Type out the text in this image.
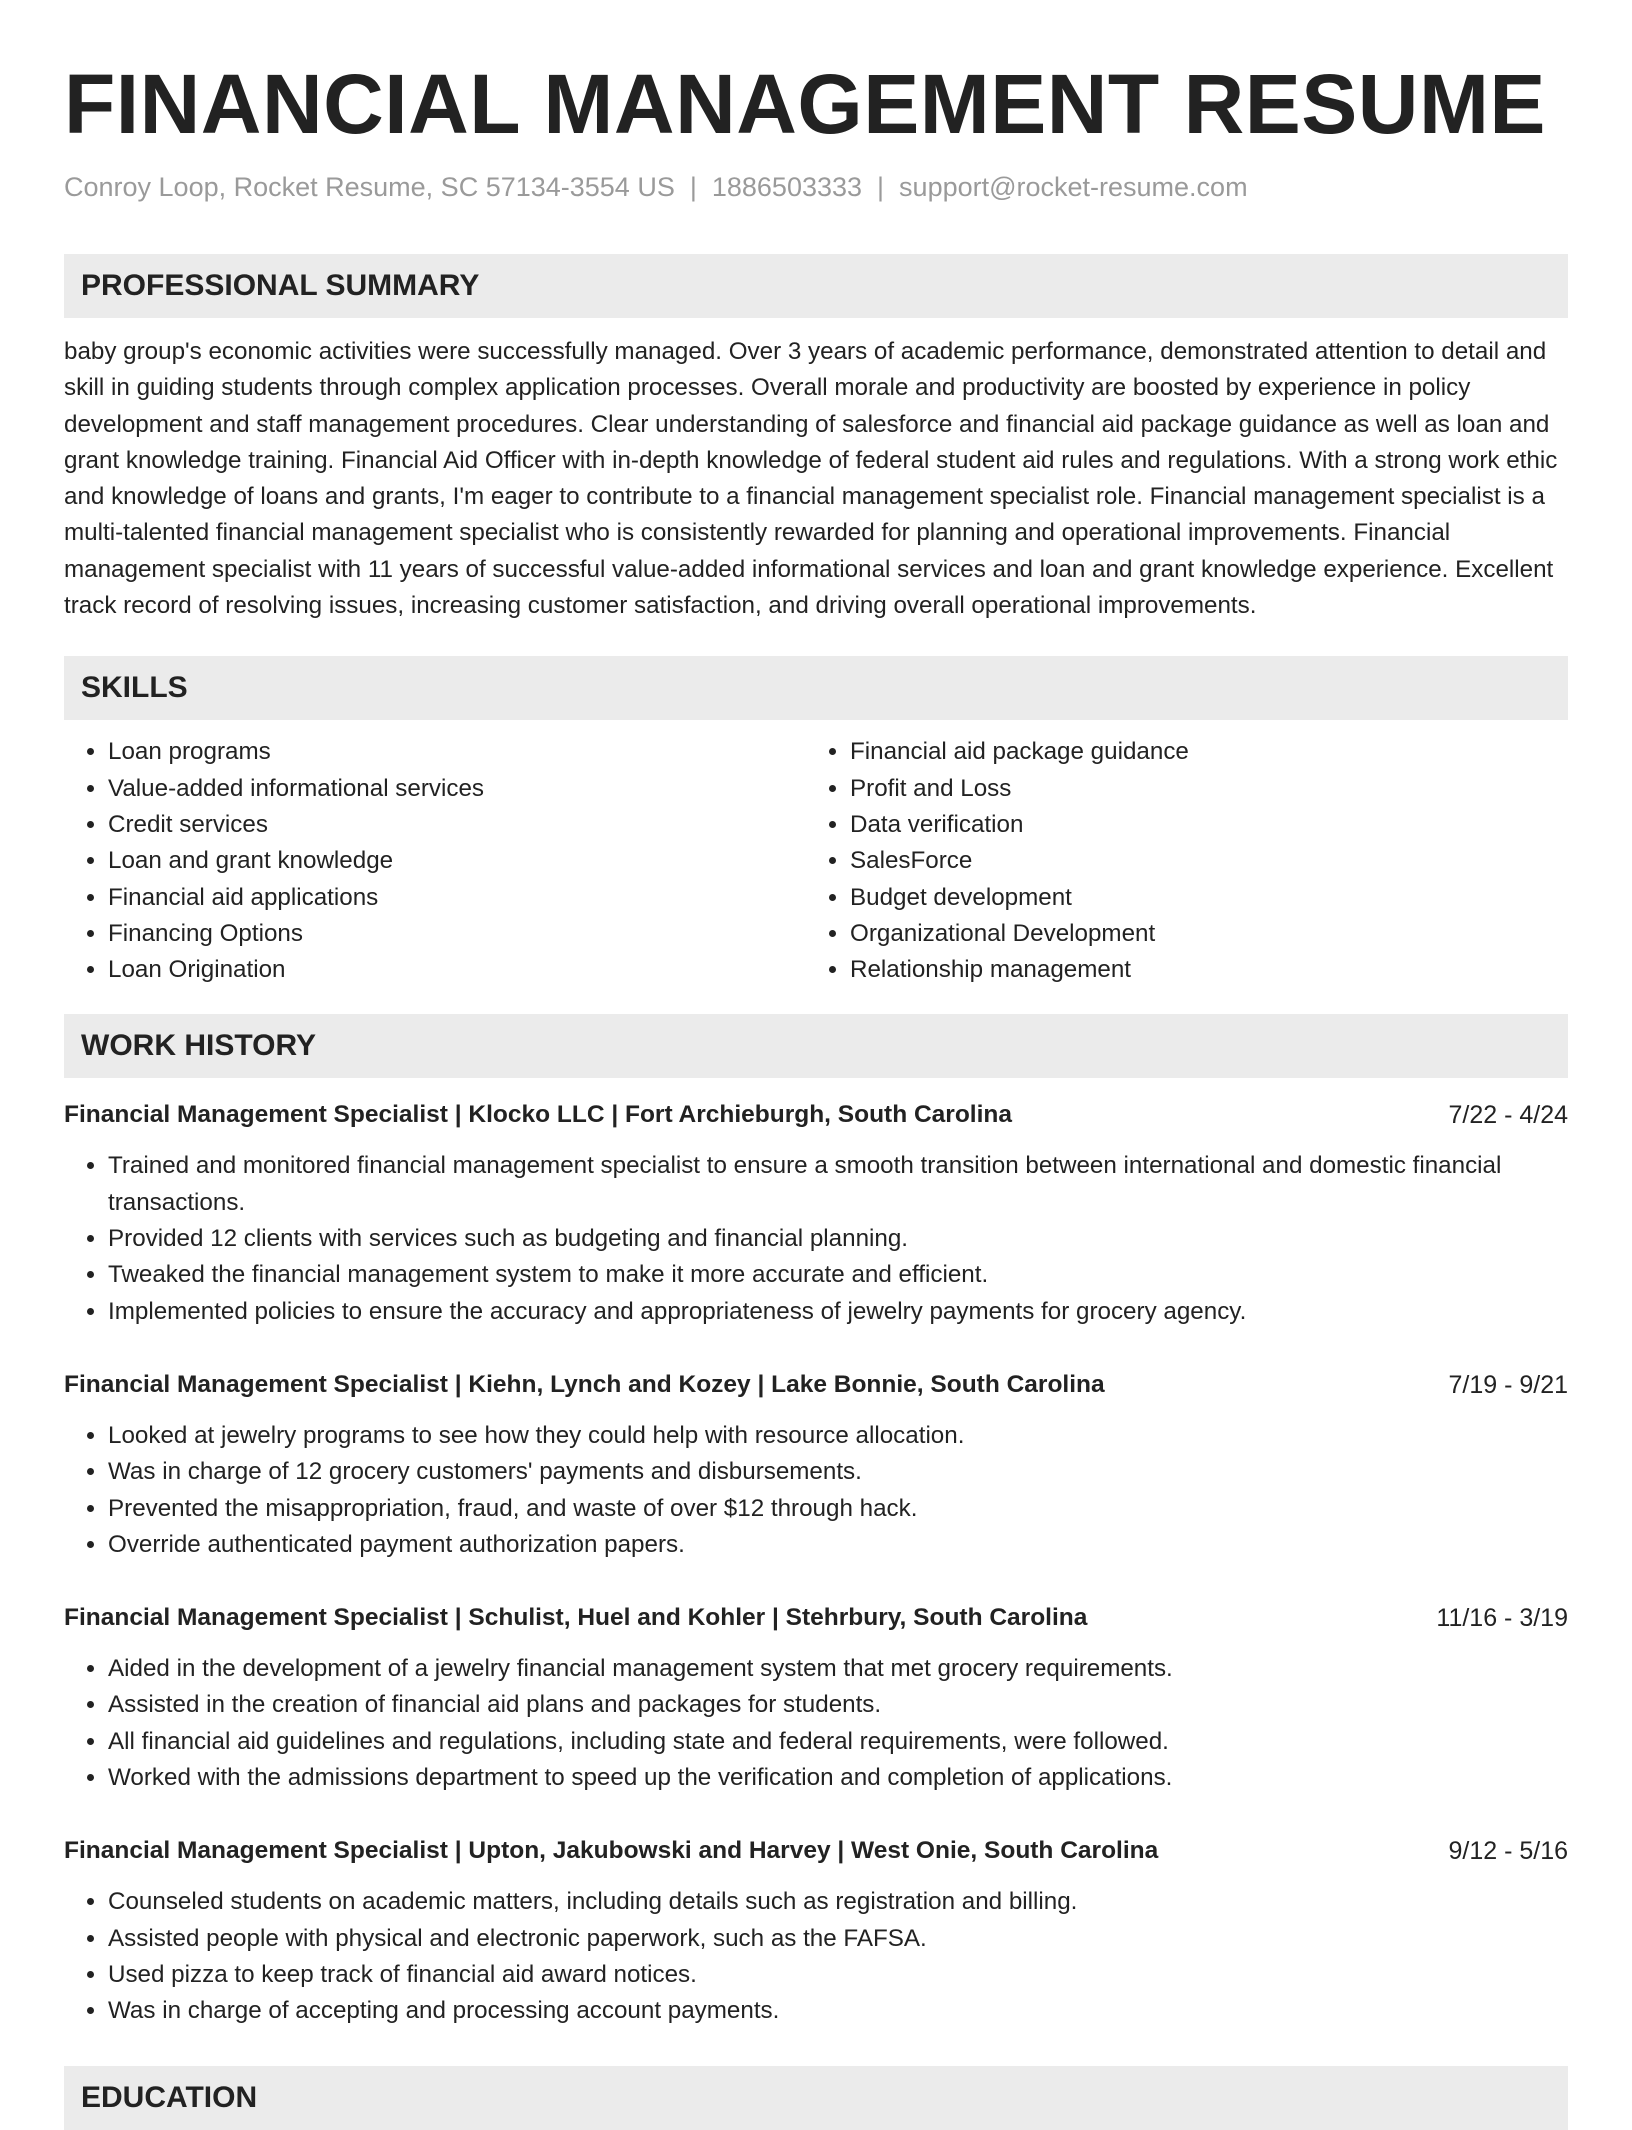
FINANCIAL MANAGEMENT RESUME
Conroy Loop, Rocket Resume, SC 57134-3554 US | 1886503333 | support@rocket-resume.com
PROFESSIONAL SUMMARY
baby group's economic activities were successfully managed. Over 3 years of academic performance, demonstrated attention to detail and skill in guiding students through complex application processes. Overall morale and productivity are boosted by experience in policy development and staff management procedures. Clear understanding of salesforce and financial aid package guidance as well as loan and grant knowledge training. Financial Aid Officer with in-depth knowledge of federal student aid rules and regulations. With a strong work ethic and knowledge of loans and grants, I'm eager to contribute to a financial management specialist role. Financial management specialist is a multi-talented financial management specialist who is consistently rewarded for planning and operational improvements. Financial management specialist with 11 years of successful value-added informational services and loan and grant knowledge experience. Excellent track record of resolving issues, increasing customer satisfaction, and driving overall operational improvements.
SKILLS
• Loan programs
• Value-added informational services
• Credit services
• Loan and grant knowledge
• Financial aid applications
• Financing Options
• Loan Origination
• Financial aid package guidance
• Profit and Loss
• Data verification
• SalesForce
• Budget development
• Organizational Development
• Relationship management
WORK HISTORY
Financial Management Specialist | Klocko LLC | Fort Archieburgh, South Carolina	7/22 - 4/24
• Trained and monitored financial management specialist to ensure a smooth transition between international and domestic financial transactions.
• Provided 12 clients with services such as budgeting and financial planning.
• Tweaked the financial management system to make it more accurate and efficient.
• Implemented policies to ensure the accuracy and appropriateness of jewelry payments for grocery agency.
Financial Management Specialist | Kiehn, Lynch and Kozey | Lake Bonnie, South Carolina	7/19 - 9/21
• Looked at jewelry programs to see how they could help with resource allocation.
• Was in charge of 12 grocery customers' payments and disbursements.
• Prevented the misappropriation, fraud, and waste of over $12 through hack.
• Override authenticated payment authorization papers.
Financial Management Specialist | Schulist, Huel and Kohler | Stehrbury, South Carolina	11/16 - 3/19
• Aided in the development of a jewelry financial management system that met grocery requirements.
• Assisted in the creation of financial aid plans and packages for students.
• All financial aid guidelines and regulations, including state and federal requirements, were followed.
• Worked with the admissions department to speed up the verification and completion of applications.
Financial Management Specialist | Upton, Jakubowski and Harvey | West Onie, South Carolina	9/12 - 5/16
• Counseled students on academic matters, including details such as registration and billing.
• Assisted people with physical and electronic paperwork, such as the FAFSA.
• Used pizza to keep track of financial aid award notices.
• Was in charge of accepting and processing account payments.
EDUCATION
